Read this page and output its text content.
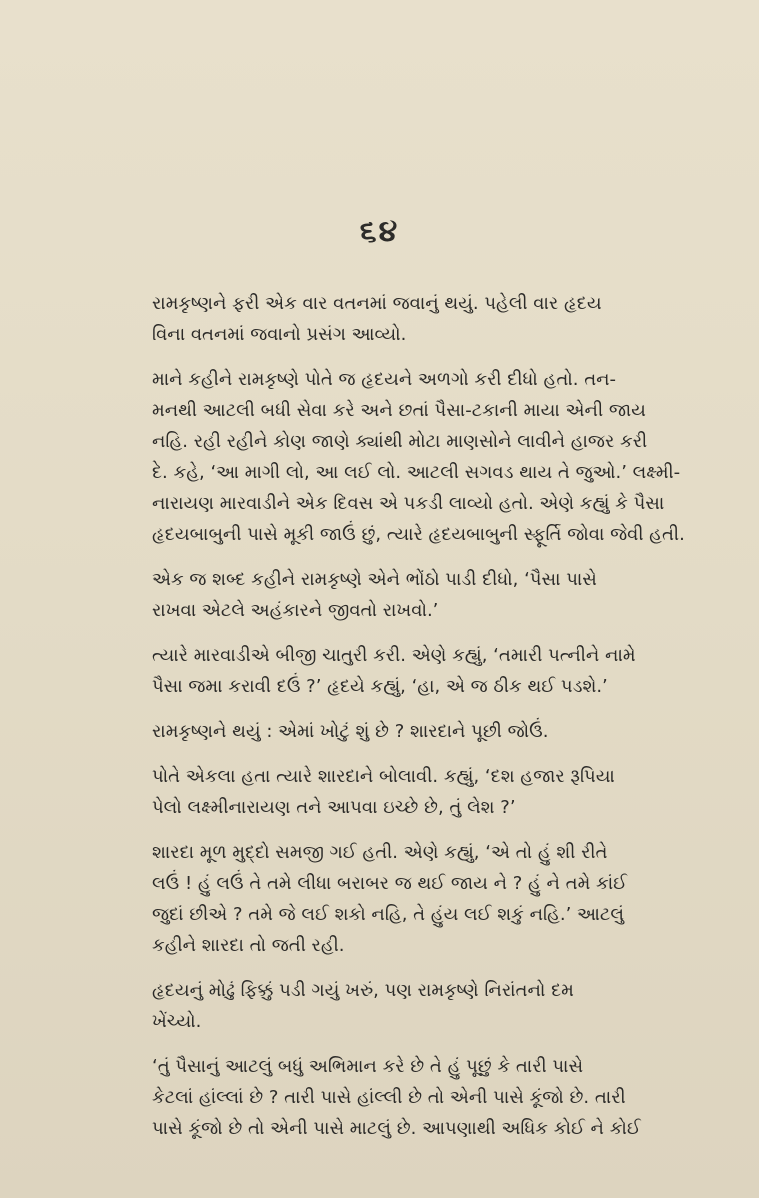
૬૪

રામકૃષ્ણને ફરી એક વાર વતનમાં જવાનું થયું. પહેલી વાર હૃદય
વિના વતનમાં જવાનો પ્રસંગ આવ્યો.

માને કહીને રામકૃષ્ણે પોતે જ હૃદયને અળગો કરી દીધો હતો. તન-
મનથી આટલી બધી સેવા કરે અને છતાં પૈસા-ટકાની માયા એની જાય
નહિ. રહી રહીને કોણ જાણે ક્યાંથી મોટા માણસોને લાવીને હાજર કરી
દે. કહે, ‘આ માગી લો, આ લઈ લો. આટલી સગવડ થાય તે જુઓ.’ લક્ષ્મી-
નારાયણ મારવાડીને એક દિવસ એ પકડી લાવ્યો હતો. એણે કહ્યું કે પૈસા
હૃદયબાબુની પાસે મૂકી જાઉં છું, ત્યારે હૃદયબાબુની સ્ફૂર્તિ જોવા જેવી હતી.

એક જ શબ્દ કહીને રામકૃષ્ણે એને ભોંઠો પાડી દીધો, ‘પૈસા પાસે
રાખવા એટલે અહંકારને જીવતો રાખવો.’

ત્યારે મારવાડીએ બીજી ચાતુરી કરી. એણે કહ્યું, ‘તમારી પત્નીને નામે
પૈસા જમા કરાવી દઉં ?’ હૃદયે કહ્યું, ‘હા, એ જ ઠીક થઈ પડશે.’

રામકૃષ્ણને થયું : એમાં ખોટું શું છે ? શારદાને પૂછી જોઉં.

પોતે એકલા હતા ત્યારે શારદાને બોલાવી. કહ્યું, ‘દશ હજાર રૂપિયા
પેલો લક્ષ્મીનારાયણ તને આપવા ઇચ્છે છે, તું લેશ ?’

શારદા મૂળ મુદ્દો સમજી ગઈ હતી. એણે કહ્યું, ‘એ તો હું શી રીતે
લઉં ! હું લઉં તે તમે લીધા બરાબર જ થઈ જાય ને ? હું ને તમે કાંઈ
જુદાં છીએ ? તમે જે લઈ શકો નહિ, તે હુંય લઈ શકું નહિ.’ આટલું
કહીને શારદા તો જતી રહી.

હૃદયનું મોઢું ફિક્કું પડી ગયું ખરું, પણ રામકૃષ્ણે નિરાંતનો દમ
ખેંચ્યો.

‘તું પૈસાનું આટલું બધું અભિમાન કરે છે તે હું પૂછું કે તારી પાસે
કેટલાં હાંલ્લાં છે ? તારી પાસે હાંલ્લી છે તો એની પાસે કૂંજો છે. તારી
પાસે કૂંજો છે તો એની પાસે માટલું છે. આપણાથી અધિક કોઈ ને કોઈ
